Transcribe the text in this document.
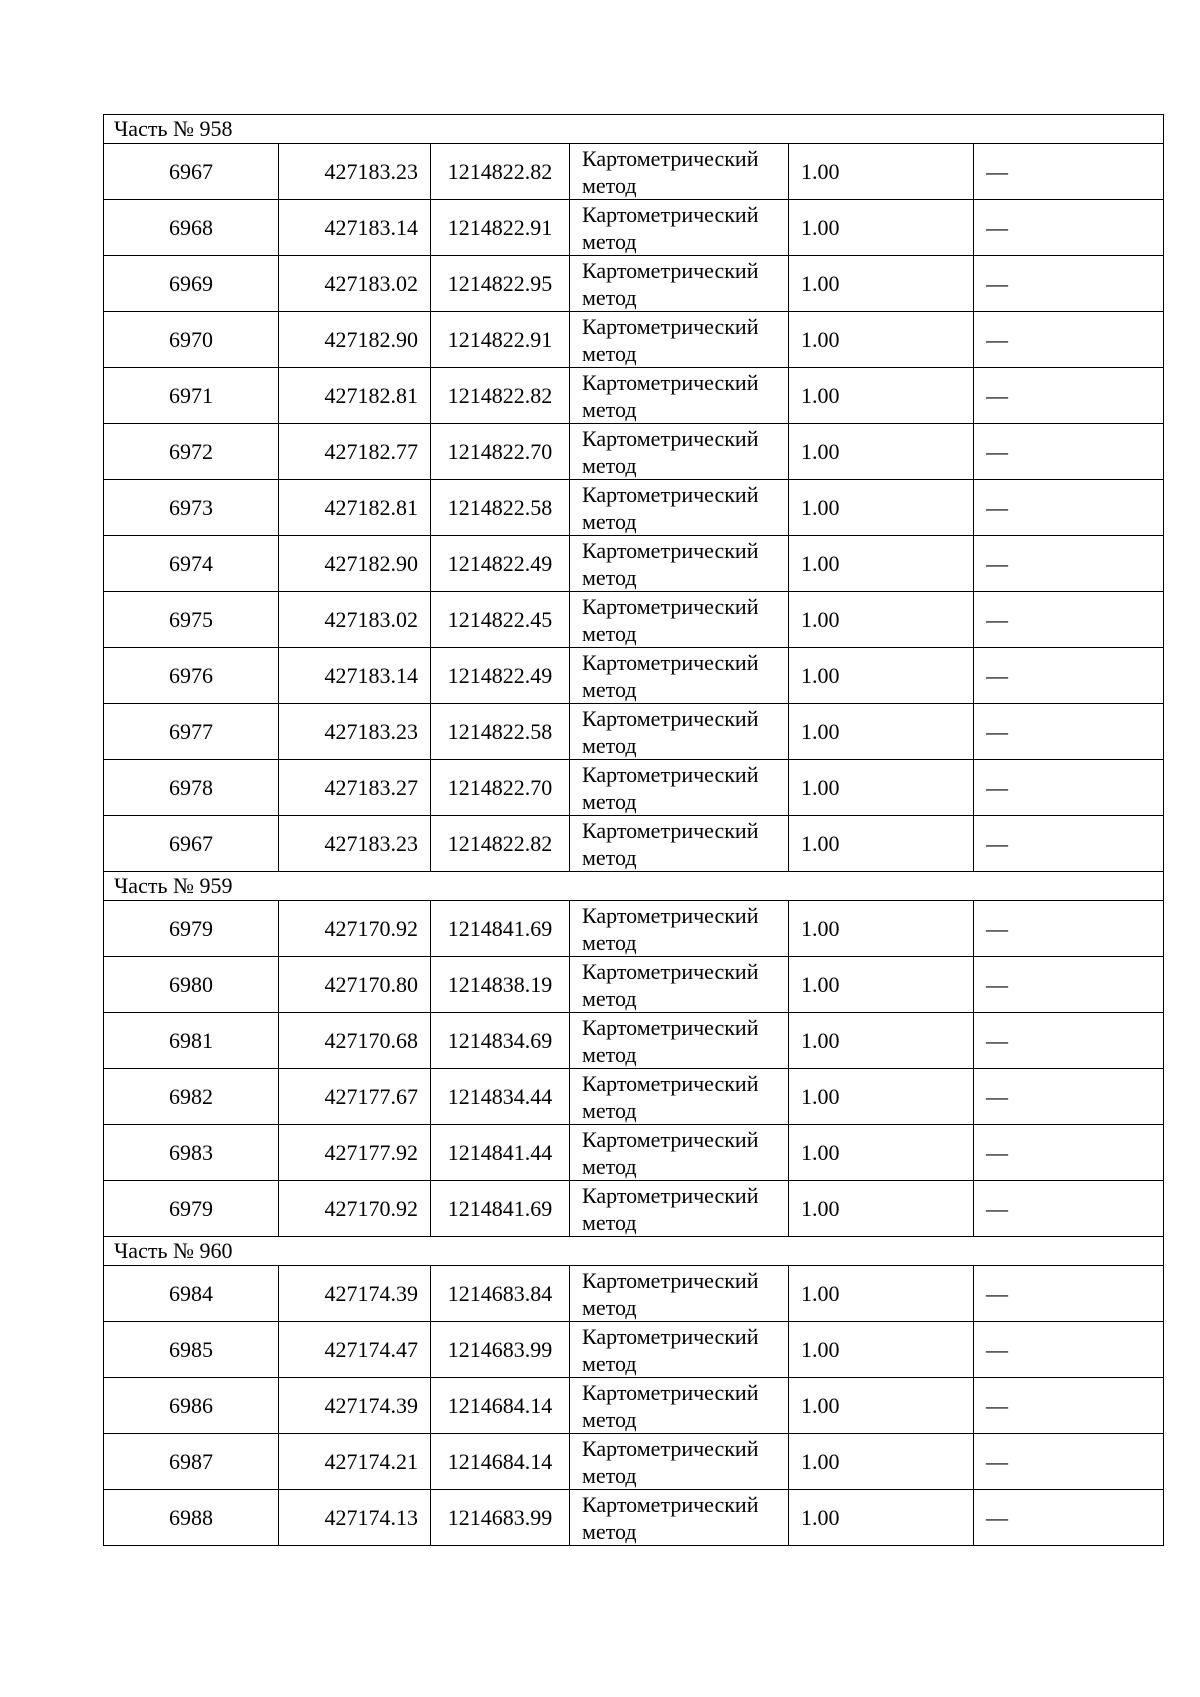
Часть № 958					
6967	427183.23	1214822.82	Картометрический
метод	1.00	—
6968	427183.14	1214822.91	Картометрический
метод	1.00	—
6969	427183.02	1214822.95	Картометрический
метод	1.00	—
6970	427182.90	1214822.91	Картометрический
метод	1.00	—
6971	427182.81	1214822.82	Картометрический
метод	1.00	—
6972	427182.77	1214822.70	Картометрический
метод	1.00	—
6973	427182.81	1214822.58	Картометрический
метод	1.00	—
6974	427182.90	1214822.49	Картометрический
метод	1.00	—
6975	427183.02	1214822.45	Картометрический
метод	1.00	—
6976	427183.14	1214822.49	Картометрический
метод	1.00	—
6977	427183.23	1214822.58	Картометрический
метод	1.00	—
6978	427183.27	1214822.70	Картометрический
метод	1.00	—
6967	427183.23	1214822.82	Картометрический
метод	1.00	—
Часть № 959					
6979	427170.92	1214841.69	Картометрический
метод	1.00	—
6980	427170.80	1214838.19	Картометрический
метод	1.00	—
6981	427170.68	1214834.69	Картометрический
метод	1.00	—
6982	427177.67	1214834.44	Картометрический
метод	1.00	—
6983	427177.92	1214841.44	Картометрический
метод	1.00	—
6979	427170.92	1214841.69	Картометрический
метод	1.00	—
Часть № 960					
6984	427174.39	1214683.84	Картометрический
метод	1.00	—
6985	427174.47	1214683.99	Картометрический
метод	1.00	—
6986	427174.39	1214684.14	Картометрический
метод	1.00	—
6987	427174.21	1214684.14	Картометрический
метод	1.00	—
6988	427174.13	1214683.99	Картометрический
метод	1.00	—
